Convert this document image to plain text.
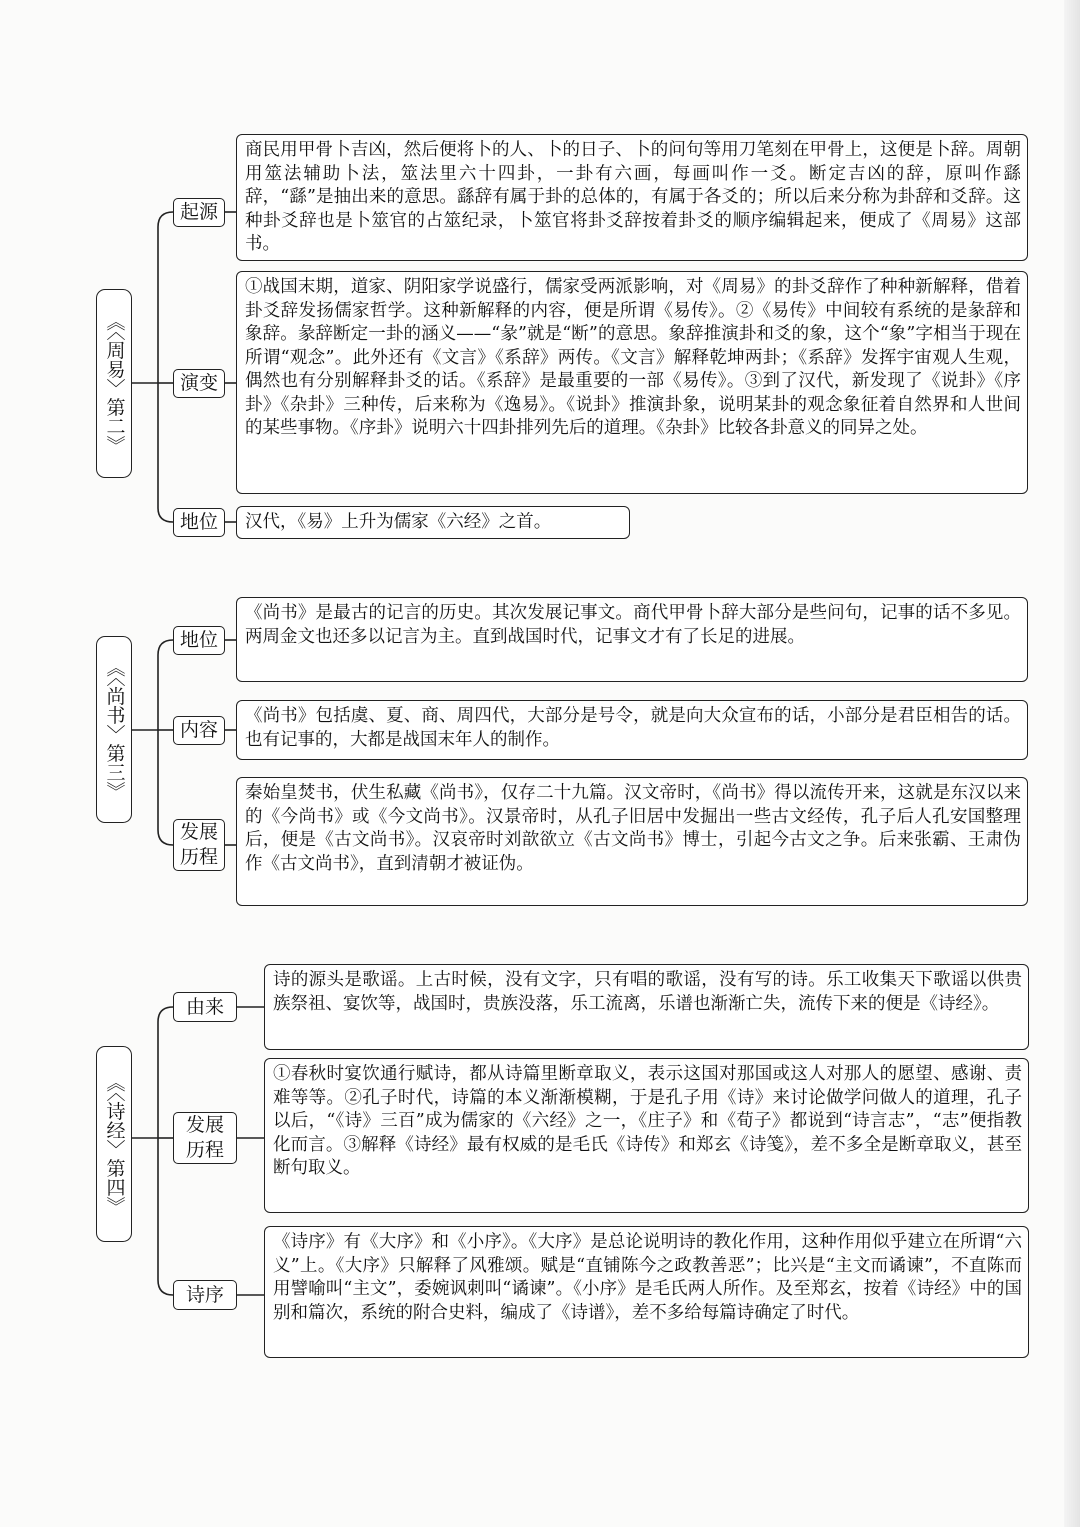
《〈周易〉第二》
起源
商民用甲骨卜吉凶，然后便将卜的人、卜的日子、卜的问句等用刀笔刻在甲骨上，这便是卜辞。周朝用筮法辅助卜法，筮法里六十四卦，一卦有六画，每画叫作一爻。断定吉凶的辞，原叫作繇辞，“繇”是抽出来的意思。繇辞有属于卦的总体的，有属于各爻的；所以后来分称为卦辞和爻辞。这种卦爻辞也是卜筮官的占筮纪录，卜筮官将卦爻辞按着卦爻的顺序编辑起来，便成了《周易》这部书。
演变
①战国末期，道家、阴阳家学说盛行，儒家受两派影响，对《周易》的卦爻辞作了种种新解释，借着卦爻辞发扬儒家哲学。这种新解释的内容，便是所谓《易传》。②《易传》中间较有系统的是彖辞和象辞。彖辞断定一卦的涵义——“彖”就是“断”的意思。象辞推演卦和爻的象，这个“象”字相当于现在所谓“观念”。此外还有《文言》《系辞》两传。《文言》解释乾坤两卦；《系辞》发挥宇宙观人生观，偶然也有分别解释卦爻的话。《系辞》是最重要的一部《易传》。③到了汉代，新发现了《说卦》《序卦》《杂卦》三种传，后来称为《逸易》。《说卦》推演卦象，说明某卦的观念象征着自然界和人世间的某些事物。《序卦》说明六十四卦排列先后的道理。《杂卦》比较各卦意义的同异之处。
地位	汉代，《易》上升为儒家《六经》之首。
《〈尚书〉第三》
地位
《尚书》是最古的记言的历史。其次发展记事文。商代甲骨卜辞大部分是些问句，记事的话不多见。两周金文也还多以记言为主。直到战国时代，记事文才有了长足的进展。
内容
《尚书》包括虞、夏、商、周四代，大部分是号令，就是向大众宣布的话，小部分是君臣相告的话。也有记事的，大都是战国末年人的制作。
发展历程
秦始皇焚书，伏生私藏《尚书》，仅存二十九篇。汉文帝时，《尚书》得以流传开来，这就是东汉以来的《今尚书》或《今文尚书》。汉景帝时，从孔子旧居中发掘出一些古文经传，孔子后人孔安国整理后，便是《古文尚书》。汉哀帝时刘歆欲立《古文尚书》博士，引起今古文之争。后来张霸、王肃伪作《古文尚书》，直到清朝才被证伪。
《〈诗经〉第四》
由来
诗的源头是歌谣。上古时候，没有文字，只有唱的歌谣，没有写的诗。乐工收集天下歌谣以供贵族祭祖、宴饮等，战国时，贵族没落，乐工流离，乐谱也渐渐亡失，流传下来的便是《诗经》。
发展历程
①春秋时宴饮通行赋诗，都从诗篇里断章取义，表示这国对那国或这人对那人的愿望、感谢、责难等等。②孔子时代，诗篇的本义渐渐模糊，于是孔子用《诗》来讨论做学问做人的道理，孔子以后，“《诗》三百”成为儒家的《六经》之一，《庄子》和《荀子》都说到“诗言志”，“志”便指教化而言。③解释《诗经》最有权威的是毛氏《诗传》和郑玄《诗笺》，差不多全是断章取义，甚至断句取义。
诗序
《诗序》有《大序》和《小序》。《大序》是总论说明诗的教化作用，这种作用似乎建立在所谓“六义”上。《大序》只解释了风雅颂。赋是“直铺陈今之政教善恶”；比兴是“主文而谲谏”，不直陈而用譬喻叫“主文”，委婉讽刺叫“谲谏”。《小序》是毛氏两人所作。及至郑玄，按着《诗经》中的国别和篇次，系统的附合史料，编成了《诗谱》，差不多给每篇诗确定了时代。
